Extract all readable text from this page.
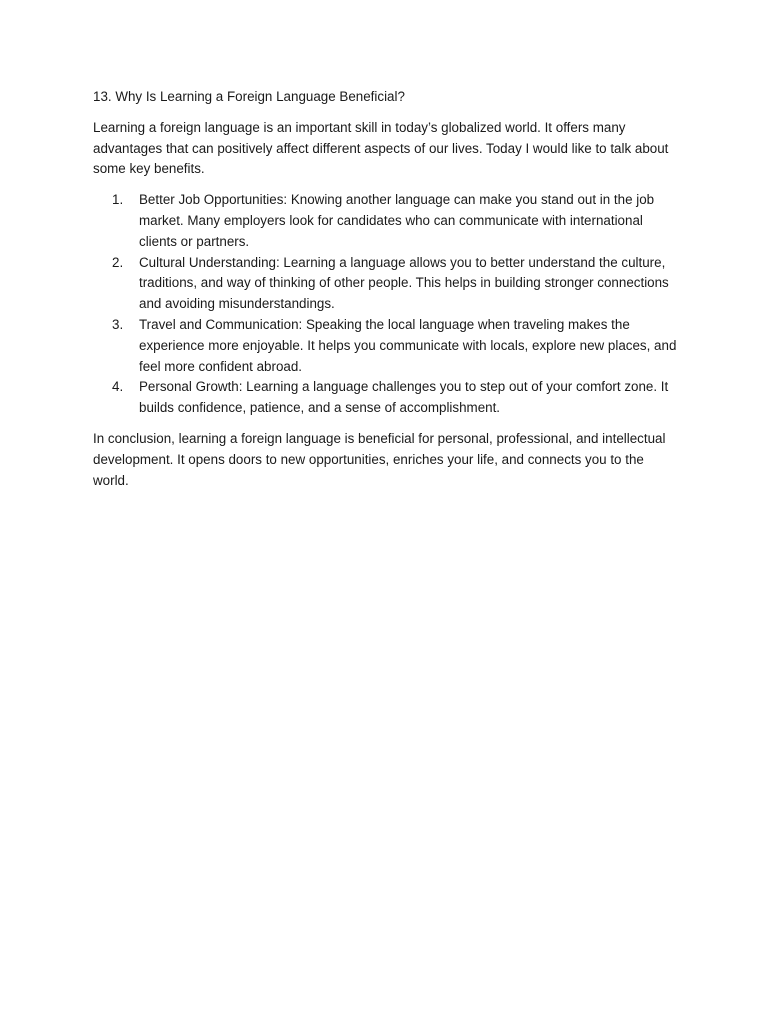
13. Why Is Learning a Foreign Language Beneficial?

Learning a foreign language is an important skill in today’s globalized world. It offers many advantages that can positively affect different aspects of our lives. Today I would like to talk about some key benefits.

1. Better Job Opportunities: Knowing another language can make you stand out in the job market. Many employers look for candidates who can communicate with international clients or partners.
2. Cultural Understanding: Learning a language allows you to better understand the culture, traditions, and way of thinking of other people. This helps in building stronger connections and avoiding misunderstandings.
3. Travel and Communication: Speaking the local language when traveling makes the experience more enjoyable. It helps you communicate with locals, explore new places, and feel more confident abroad.
4. Personal Growth: Learning a language challenges you to step out of your comfort zone. It builds confidence, patience, and a sense of accomplishment.

In conclusion, learning a foreign language is beneficial for personal, professional, and intellectual development. It opens doors to new opportunities, enriches your life, and connects you to the world.
